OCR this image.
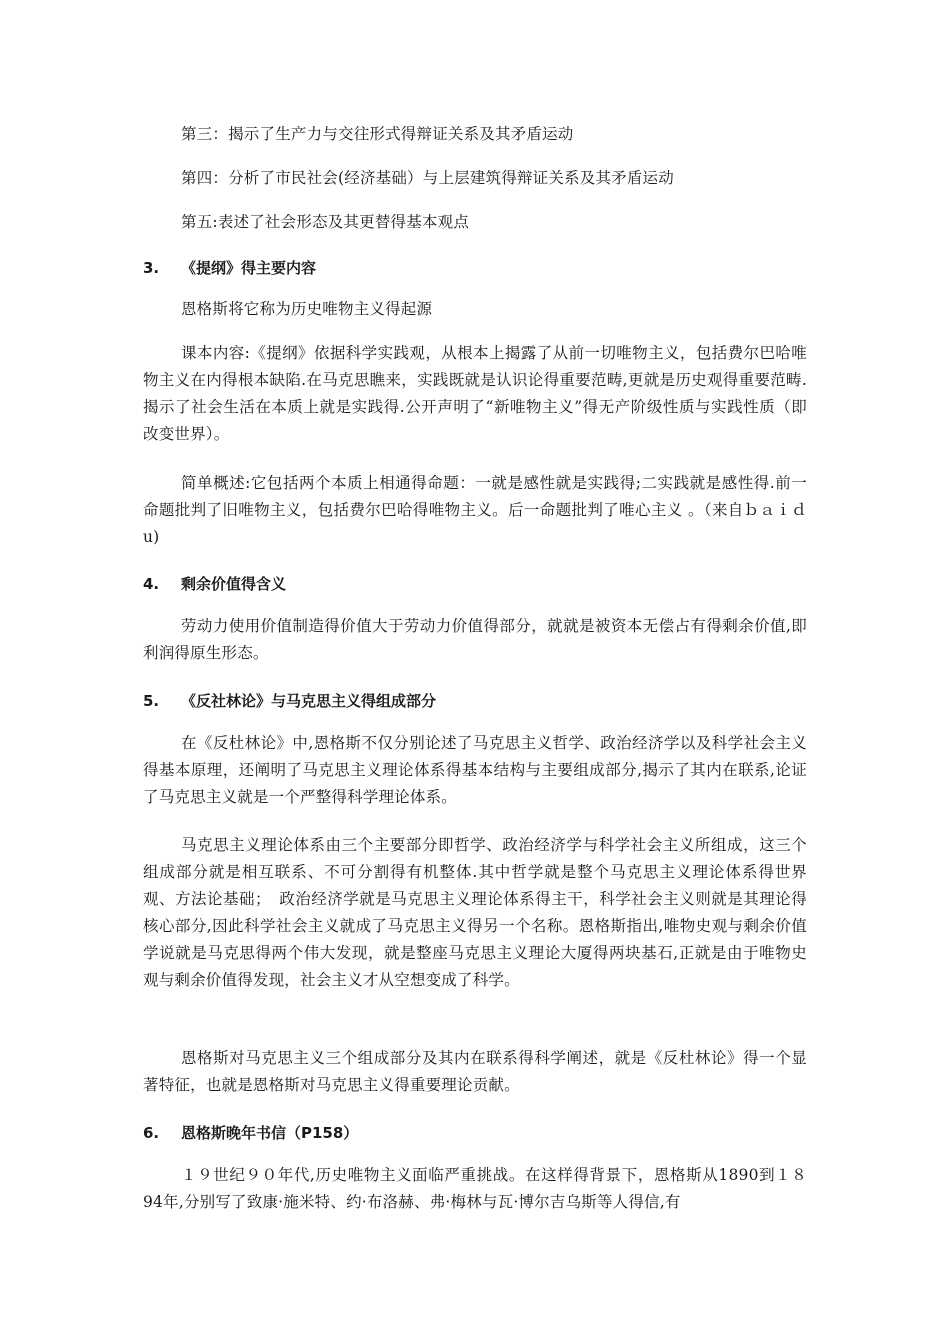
第三：揭示了生产力与交往形式得辩证关系及其矛盾运动
第四：分析了市民社会(经济基础）与上层建筑得辩证关系及其矛盾运动
第五:表述了社会形态及其更替得基本观点
3. 《提纲》得主要内容
恩格斯将它称为历史唯物主义得起源
课本内容:《提纲》依据科学实践观，从根本上揭露了从前一切唯物主义，包括费尔巴哈唯物主义在内得根本缺陷.在马克思瞧来，实践既就是认识论得重要范畴,更就是历史观得重要范畴.揭示了社会生活在本质上就是实践得.公开声明了“新唯物主义”得无产阶级性质与实践性质（即改变世界）。
简单概述:它包括两个本质上相通得命题：一就是感性就是实践得;二实践就是感性得.前一命题批判了旧唯物主义，包括费尔巴哈得唯物主义。后一命题批判了唯心主义 。（来自ｂａｉｄu)
4. 剩余价值得含义
劳动力使用价值制造得价值大于劳动力价值得部分，就就是被资本无偿占有得剩余价值,即利润得原生形态。
5. 《反社林论》与马克思主义得组成部分
在《反杜林论》中,恩格斯不仅分别论述了马克思主义哲学、政治经济学以及科学社会主义得基本原理，还阐明了马克思主义理论体系得基本结构与主要组成部分,揭示了其内在联系,论证了马克思主义就是一个严整得科学理论体系。
马克思主义理论体系由三个主要部分即哲学、政治经济学与科学社会主义所组成，这三个组成部分就是相互联系、不可分割得有机整体.其中哲学就是整个马克思主义理论体系得世界观、方法论基础；　政治经济学就是马克思主义理论体系得主干，科学社会主义则就是其理论得核心部分,因此科学社会主义就成了马克思主义得另一个名称。恩格斯指出,唯物史观与剩余价值学说就是马克思得两个伟大发现，就是整座马克思主义理论大厦得两块基石,正就是由于唯物史观与剩余价值得发现，社会主义才从空想变成了科学。
恩格斯对马克思主义三个组成部分及其内在联系得科学阐述，就是《反杜林论》得一个显著特征，也就是恩格斯对马克思主义得重要理论贡献。
6. 恩格斯晚年书信（P158）
１９世纪９０年代,历史唯物主义面临严重挑战。在这样得背景下，恩格斯从1890到１８94年,分别写了致康·施米特、约·布洛赫、弗·梅林与瓦·博尔吉乌斯等人得信,有
